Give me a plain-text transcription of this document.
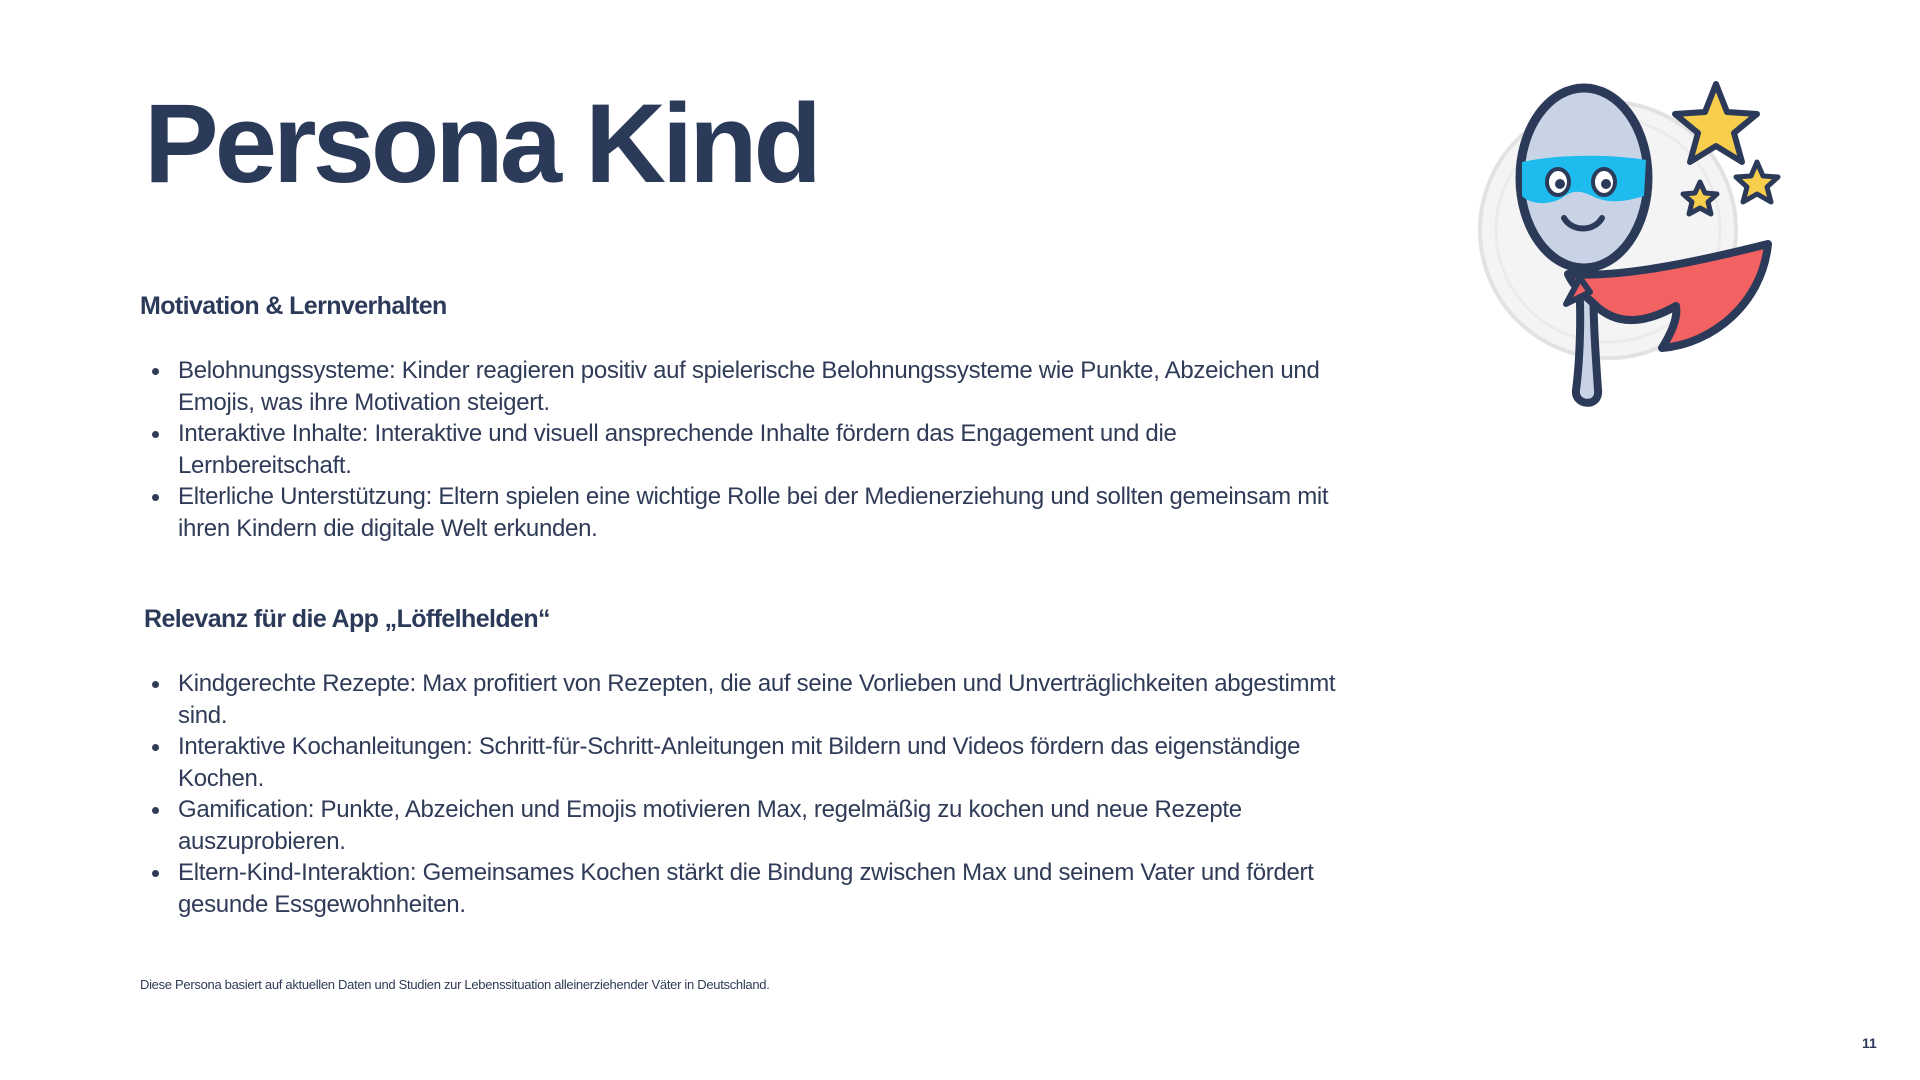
Persona Kind
Motivation & Lernverhalten
Belohnungssysteme: Kinder reagieren positiv auf spielerische Belohnungssysteme wie Punkte, Abzeichen und Emojis, was ihre Motivation steigert.
Interaktive Inhalte: Interaktive und visuell ansprechende Inhalte fördern das Engagement und die Lernbereitschaft.
Elterliche Unterstützung: Eltern spielen eine wichtige Rolle bei der Medienerziehung und sollten gemeinsam mit ihren Kindern die digitale Welt erkunden.
Relevanz für die App „Löffelhelden“
Kindgerechte Rezepte: Max profitiert von Rezepten, die auf seine Vorlieben und Unverträglichkeiten abgestimmt sind.
Interaktive Kochanleitungen: Schritt-für-Schritt-Anleitungen mit Bildern und Videos fördern das eigenständige Kochen.
Gamification: Punkte, Abzeichen und Emojis motivieren Max, regelmäßig zu kochen und neue Rezepte auszuprobieren.
Eltern-Kind-Interaktion: Gemeinsames Kochen stärkt die Bindung zwischen Max und seinem Vater und fördert gesunde Essgewohnheiten.

Diese Persona basiert auf aktuellen Daten und Studien zur Lebenssituation alleinerziehender Väter in Deutschland.

11
